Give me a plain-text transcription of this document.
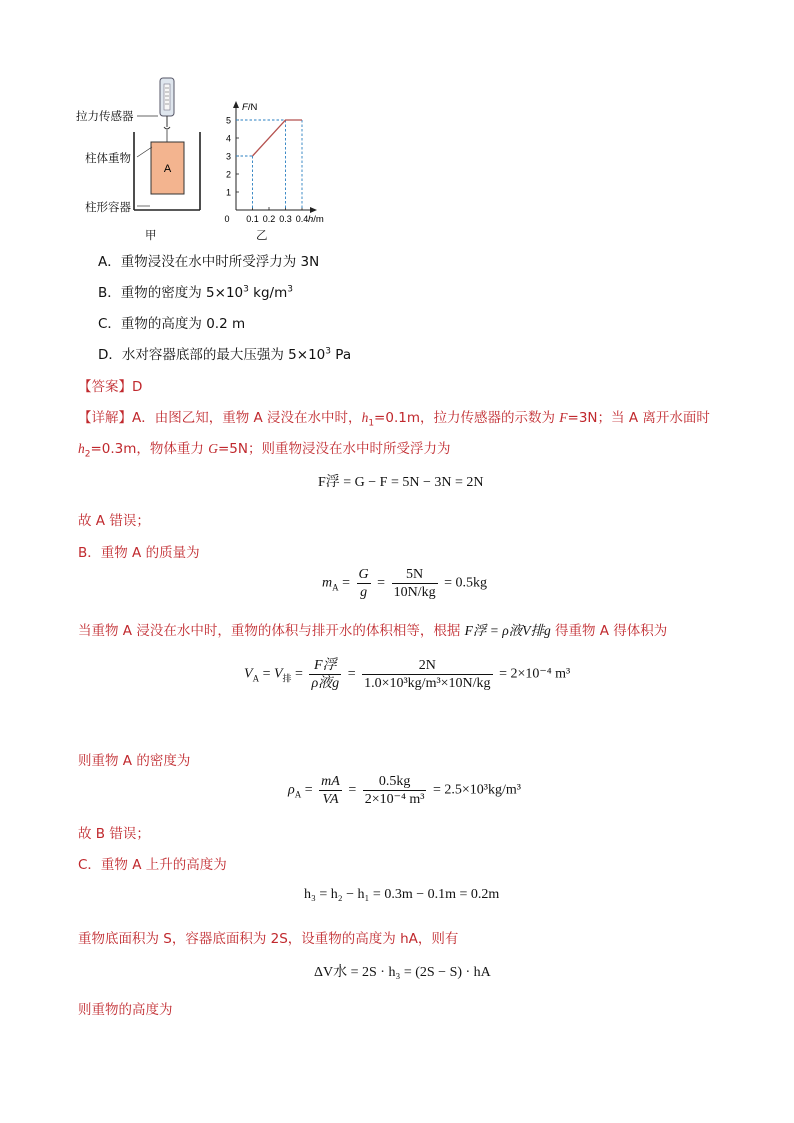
A
拉力传感器
柱体重物
柱形容器
甲
1
2
3
4
5
0 0.1 0.2 0.3 0.4
F/N
h/m
乙
A．重物浸没在水中时所受浮力为 3N
B．重物的密度为 $5\times 10^3$ $kg/m^3$
C．重物的高度为 0.2 m
D．水对容器底部的最大压强为 $5\times 10^3$ Pa
【答案】D
【详解】A．由图乙知，重物 A 浸没在水中时，$h_1=0.1m$，拉力传感器的示数为 F=3N；当 A 离开水面时
$h_2=0.3m$，物体重力 G=5N；则重物浸没在水中时所受浮力为
F浮 = G − F = 5N − 3N = 2N
故 A 错误；
B．重物 A 的质量为
$m_A = \frac{G}{g} = \frac{5N}{10N/kg} = 0.5kg$
当重物 A 浸没在水中时，重物的体积与排开水的体积相等，根据 F浮 = ρ液V排g 得重物 A 得体积为
$V_A = V_排 = \frac{\text{F浮}}{\text{ρ液g}} = \frac{2N}{\text{1.0×10³kg/m³×10N/kg}} = 2\times 10^{-4}$ m³
则重物 A 的密度为
$\rho_A = \frac{mA}{VA} = \frac{0.5kg}{\text{2×10⁻⁴ m³}} = 2.5\times 10^3kg/m^3$
故 B 错误；
C．重物 A 上升的高度为
h₃ = h₂ − h₁ = 0.3m − 0.1m = 0.2m
重物底面积为 S，容器底面积为 2S，设重物的高度为 hA，则有
ΔV水 = 2S · h₃ = (2S − S) · hA
则重物的高度为
